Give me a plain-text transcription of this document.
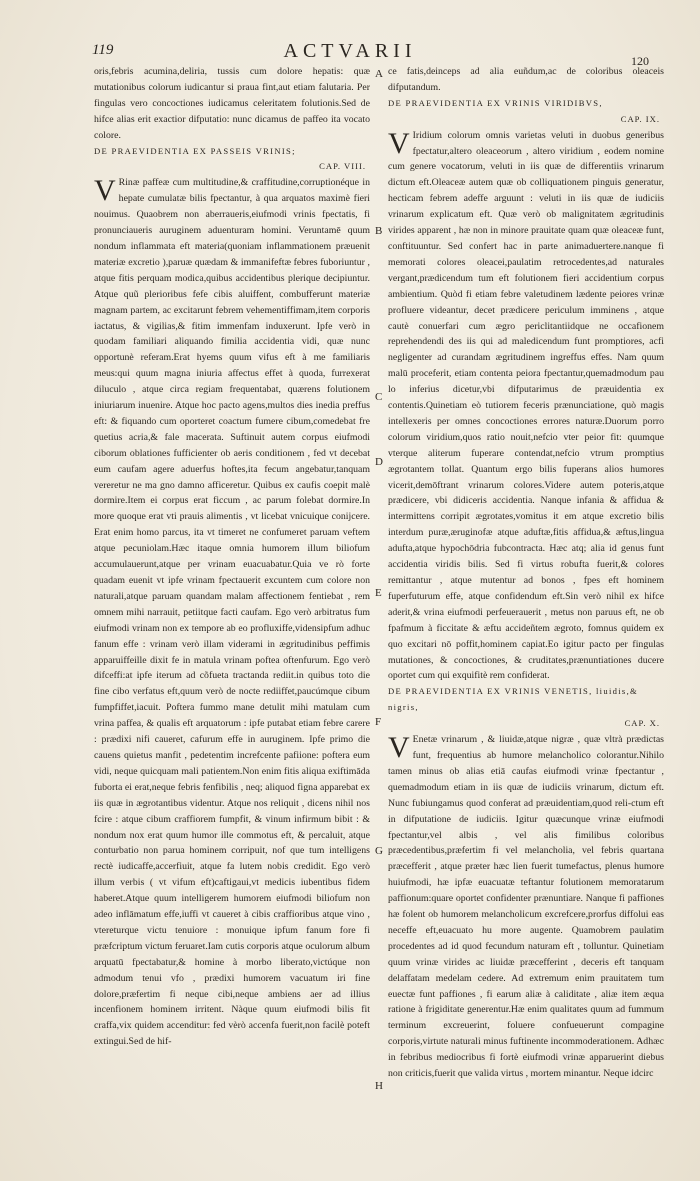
119	ACTVARII	120

oris,febris acumina,deliria, tussis cum dolore hepatis: quæ mutationibus colorum iudicantur si praua fint,aut etiam falutaria. Per fingulas vero concoctiones iudicamus celeritatem folutionis.Sed de hifce alias erit exactior difputatio: nunc dicamus de paffeo ita vocato colore.

DE PRAEVIDENTIA EX PASSEIS VRINIS;
CAP. VIII.

V Rinæ paffeæ cum multitudine,& craffitudine,corruptionéque in hepate cumulatæ bilis fpectantur, à qua arquatos maximè fieri nouimus. Quaobrem non aberraueris,eiufmodi vrinis fpectatis, fi pronunciaueris auruginem aduenturam homini. Veruntamē quum nondum inflammata eft materia(quoniam inflammationem præuenit materiæ excretio ),paruæ quædam & immanifeftæ febres fuboriuntur , atque fitis perquam modica,quibus accidentibus plerique decipiuntur. Atque quũ plerioribus fefe cibis aluiffent, combufferunt materiæ magnam partem, ac excitarunt febrem vehementiffimam,item corporis iactatus, & vigilias,& fitim immenfam induxerunt. Ipfe verò in quodam familiari aliquando fimilia accidentia vidi, quæ nunc opportunè referam.Erat hyems quum vifus eft à me familiaris meus:qui quum magna iniuria affectus effet à quoda, furrexerat diluculo , atque circa regiam frequentabat, quærens folutionem iniuriarum inuenire. Atque hoc pacto agens,multos dies inedia preffus eft: & fiquando cum oporteret coactum fumere cibum,comedebat fre quetius acria,& fale macerata. Suftinuit autem corpus eiufmodi ciborum oblationes fufficienter ob aeris conditionem , fed vt decebat eum caufam agere aduerfus hoftes,ita fecum angebatur,tanquam vereretur ne ma gno damno afficeretur. Quibus ex caufis coepit malè dormire.Item ei corpus erat ficcum , ac parum folebat dormire.In more quoque erat vti prauis alimentis , vt licebat vnicuique conijcere. Erat enim homo parcus, ita vt timeret ne confumeret paruam veftem atque pecuniolam.Hæc itaque omnia humorem illum biliofum accumulauerunt,atque per vrinam euacuabatur.Quia ve rò forte quadam euenit vt ipfe vrinam fpectauerit excuntem cum colore non naturali,atque paruam quandam malam affectionem fentiebat , rem omnem mihi narrauit, petiitque facti caufam. Ego verò arbitratus fum eiufmodi vrinam non ex tempore ab eo profluxiffe,vidensipfum adhuc fanum effe : vrinam verò illam viderami in ægritudinibus peffimis apparuiffeille dixit fe in matula vrinam poftea oftenfurum. Ego verò difceffi:at ipfe iterum ad cõfueta tractanda rediit.in quibus toto die fine cibo verfatus eft,quum verò de nocte rediiffet,paucúmque cibum fumpfiffet,iacuit. Poftera fummo mane detulit mihi matulam cum vrina paffea, & qualis eft arquatorum : ipfe putabat etiam febre carere : prædixi nifi caueret, cafurum effe in auruginem. Ipfe primo die cauens quietus manfit , pedetentim increfcente pafiione: poftera eum vidi, neque quicquam mali patientem.Non enim fitis aliqua exiftimāda fuborta ei erat,neque febris fenfibilis , neq; aliquod figna apparebat ex iis quæ in ægrotantibus videntur. Atque nos reliquit , dicens nihil nos fcire : atque cibum craffiorem fumpfit, & vinum infirmum bibit : & nondum nox erat quum humor ille commotus eft, & percaluit, atque conturbatio non parua hominem corripuit, nof que tum intelligens rectè iudicaffe,accerfiuit, atque fa lutem nobis credidit. Ego verò illum verbis ( vt vifum eft)caftigaui,vt medicis iubentibus fidem haberet.Atque quum intelligerem humorem eiufmodi biliofum non adeo inflāmatum effe,iuffi vt caueret à cibis craffioribus atque vino , vtereturque victu tenuiore : monuique ipfum fanum fore fi præfcriptum victum feruaret.Iam cutis corporis atque oculorum album arquatū fpectabatur,& homine à morbo liberato,victúque non admodum tenui vfo , prædixi humorem vacuatum iri fine dolore,præfertim fi neque cibi,neque ambiens aer ad illius incenfionem hominem irritent. Nàque quum eiufmodi bilis fit craffa,vix quidem accenditur: fed vèrò accenfa fuerit,non facilè poteft extingui.Sed de hif-

ce fatis,deinceps ad alia euñdum,ac de coloribus oleaceis difputandum.

DE PRAEVIDENTIA EX VRINIS VIRIDIBVS,
CAP. IX.

V Iridium colorum omnis varietas veluti in duobus generibus fpectatur,altero oleaceorum , altero viridium , eodem nomine cum genere vocatorum, veluti in iis quæ de differentiis vrinarum dictum eft.Oleaceæ autem quæ ob colliquationem pinguis generatur, hecticam febrem adeffe arguunt : veluti in iis quæ de iudiciis vrinarum explicatum eft. Quæ verò ob malignitatem ægritudinis virides apparent , hæ non in minore prauitate quam quæ oleaceæ funt, conftituuntur. Sed confert hac in parte animaduertere.nanque fi memorati colores oleacei,paulatim retrocedentes,ad naturales vergant,prædicendum tum eft folutionem fieri accidentium corpus ambientium. Quòd fi etiam febre valetudinem lædente peiores vrinæ profluere videantur, decet prædicere periculum imminens , atque cautè conuerfari cum ægro periclitantiidque ne occafionem reprehendendi des iis qui ad maledicendum funt promptiores, acfi negligenter ad curandam ægritudinem ingreffus effes. Nam quum malū proceferit, etiam contenta peiora fpectantur,quemadmodum pau lo inferius dicetur,vbi difputarimus de præuidentia ex contentis.Quinetiam eò tutiorem feceris prænunciatione, quò magis intellexeris per omnes concoctiones errores naturæ.Duorum porro colorum viridium,quos ratio nouit,nefcio vter peior fit: quumque vterque aliterum fuperare contendat,nefcio vtrum promptius ægrotantem tollat. Quantum ergo bilis fuperans alios humores vicerit,demōftrant vrinarum colores.Videre autem poteris,atque prædicere, vbi didiceris accidentia. Nanque infania & affidua & intermittens corripit ægrotates,vomitus it em atque excretio bilis interdum puræ,æruginofæ atque aduftæ,fitis affidua,& æftus,lingua adufta,atque hypochōdria fubcontracta. Hæc atq; alia id genus funt accidentia viridis bilis. Sed fi virtus robufta fuerit,& colores remittantur , atque mutentur ad bonos , fpes eft hominem fuperfuturum effe, atque confidendum eft.Sin verò nihil ex hifce aderit,& vrina eiufmodi perfeuerauerit , metus non paruus eft, ne ob fpafmum à ficcitate & æftu accideñtem ægroto, fomnus quidem ex quo excitari nō poffit,hominem capiat.Eo igitur pacto per fingulas mutationes, & concoctiones, & cruditates,prænuntiationes ducere oportet cum qui exquifitè rem confiderat.

DE PRAEVIDENTIA EX VRINIS VENETIS, liuidis,& nigris,
CAP. X.

V Enetæ vrinarum , & liuidæ,atque nigræ , quæ vltrà prædictas funt, frequentius ab humore melancholico colorantur.Nihilo tamen minus ob alias etiā caufas eiufmodi vrinæ fpectantur , quemadmodum etiam in iis quæ de iudiciis vrinarum, dictum eft. Nunc fubiungamus quod conferat ad præuidentiam,quod reli-ctum eft in difputatione de iudiciis. Igitur quæcunque vrinæ eiufmodi fpectantur,vel albis , vel alis fimilibus coloribus præcedentibus,præfertim fi vel melancholia, vel febris quartana præcefferit , atque præter hæc lien fuerit tumefactus, plenus humore huiufmodi, hæ ipfæ euacuatæ teftantur folutionem memoratarum paffionum:quare oportet confidenter prænuntiare. Nanque fi paffiones hæ folent ob humorem melancholicum excrefcere,prorfus diffolui eas neceffe eft,euacuato hu more augente. Quamobrem paulatim procedentes ad id quod fecundum naturam eft , tolluntur. Quinetiam quum vrinæ virides ac liuidæ præcefferint , deceris eft tanquam delaffatam medelam cedere. Ad extremum enim prauitatem tum euectæ funt paffiones , fi earum aliæ à caliditate , aliæ item æqua ratione à frigiditate generentur.Hæ enim qualitates quum ad fummum terminum excreuerint, foluere confueuerunt compagine corporis,virtute naturali minus fuftinente incommoderationem. Adhæc in febribus mediocribus fi fortè eiufmodi vrinæ apparuerint diebus non criticis,fuerit que valida virtus , mortem minantur. Neque idcirc

A
B
C
D
E
F
G
H
